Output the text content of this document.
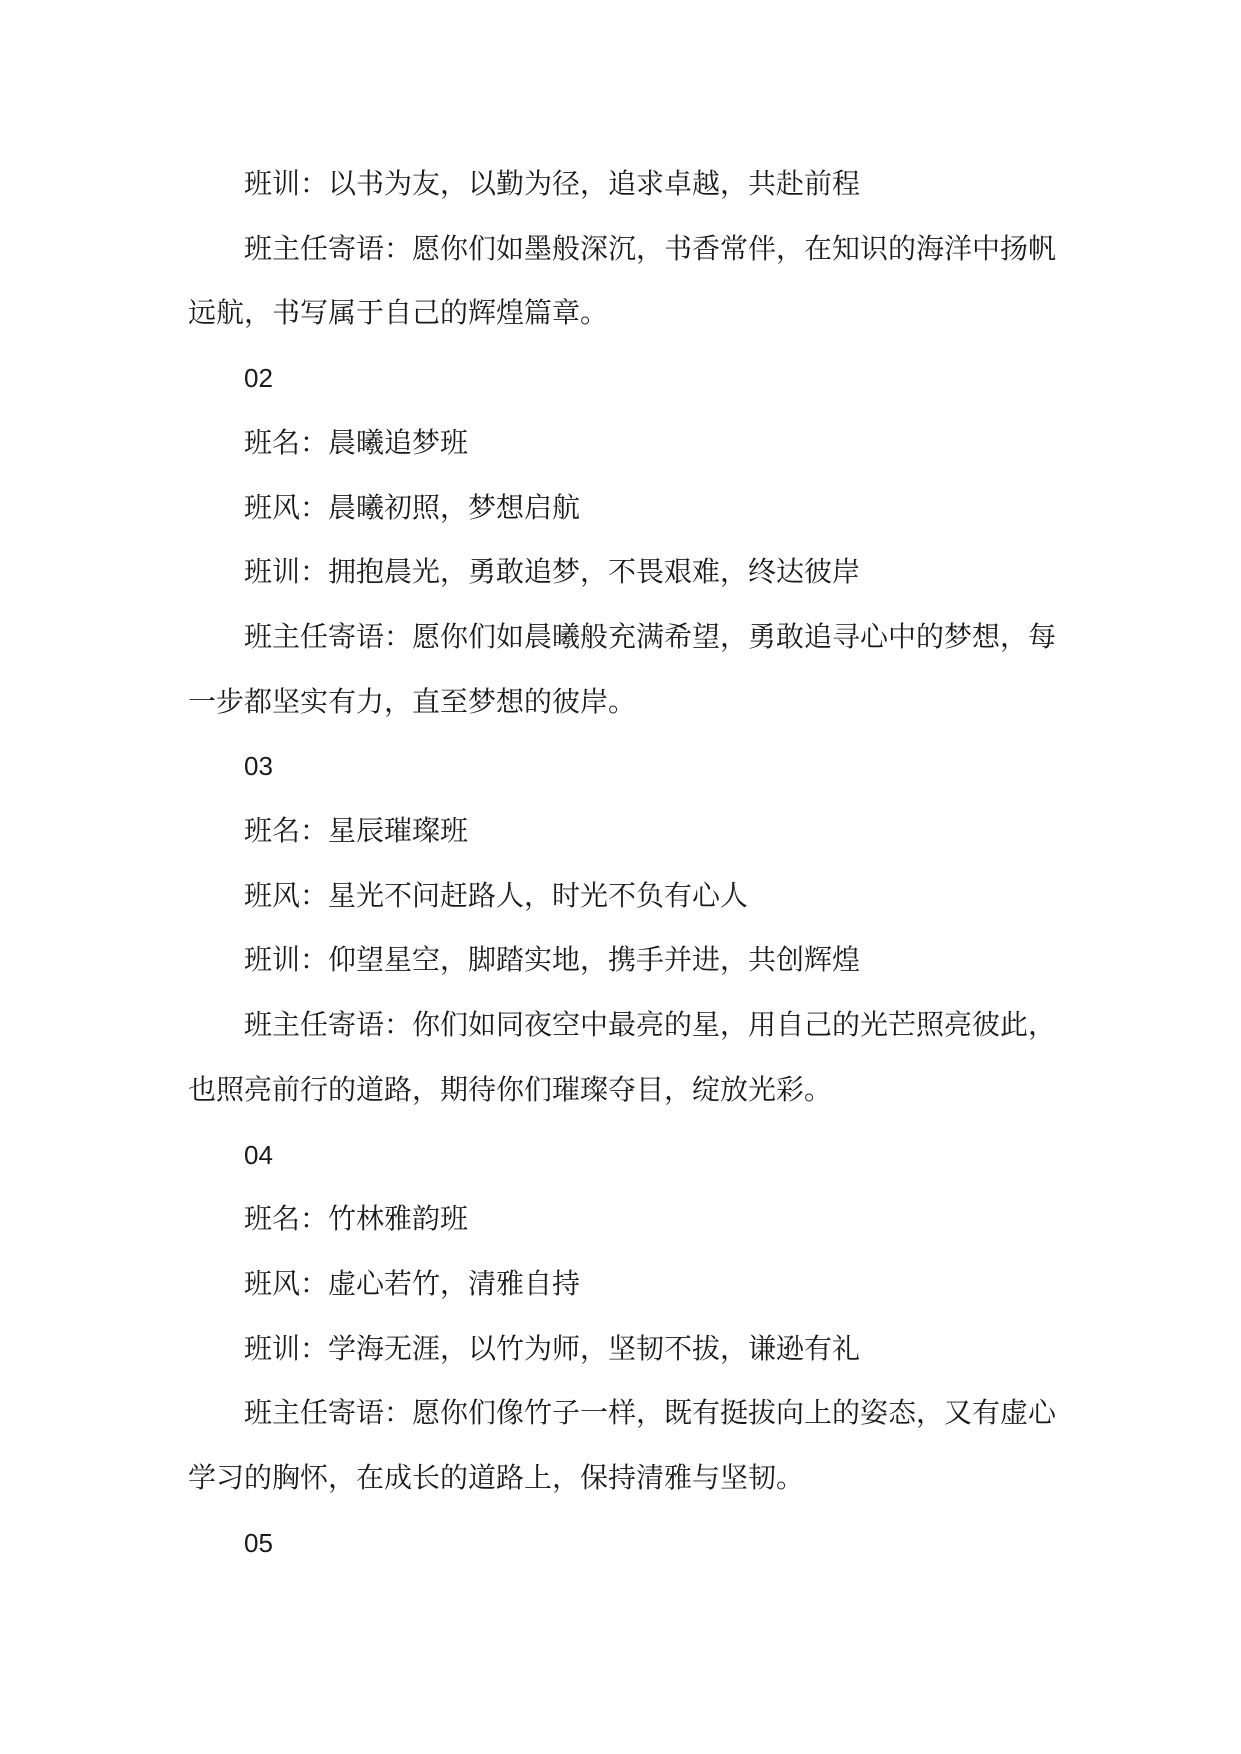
班训：以书为友，以勤为径，追求卓越，共赴前程

班主任寄语：愿你们如墨般深沉，书香常伴，在知识的海洋中扬帆远航，书写属于自己的辉煌篇章。

02

班名：晨曦追梦班

班风：晨曦初照，梦想启航

班训：拥抱晨光，勇敢追梦，不畏艰难，终达彼岸

班主任寄语：愿你们如晨曦般充满希望，勇敢追寻心中的梦想，每一步都坚实有力，直至梦想的彼岸。

03

班名：星辰璀璨班

班风：星光不问赶路人，时光不负有心人

班训：仰望星空，脚踏实地，携手并进，共创辉煌

班主任寄语：你们如同夜空中最亮的星，用自己的光芒照亮彼此，也照亮前行的道路，期待你们璀璨夺目，绽放光彩。

04

班名：竹林雅韵班

班风：虚心若竹，清雅自持

班训：学海无涯，以竹为师，坚韧不拔，谦逊有礼

班主任寄语：愿你们像竹子一样，既有挺拔向上的姿态，又有虚心学习的胸怀，在成长的道路上，保持清雅与坚韧。

05
